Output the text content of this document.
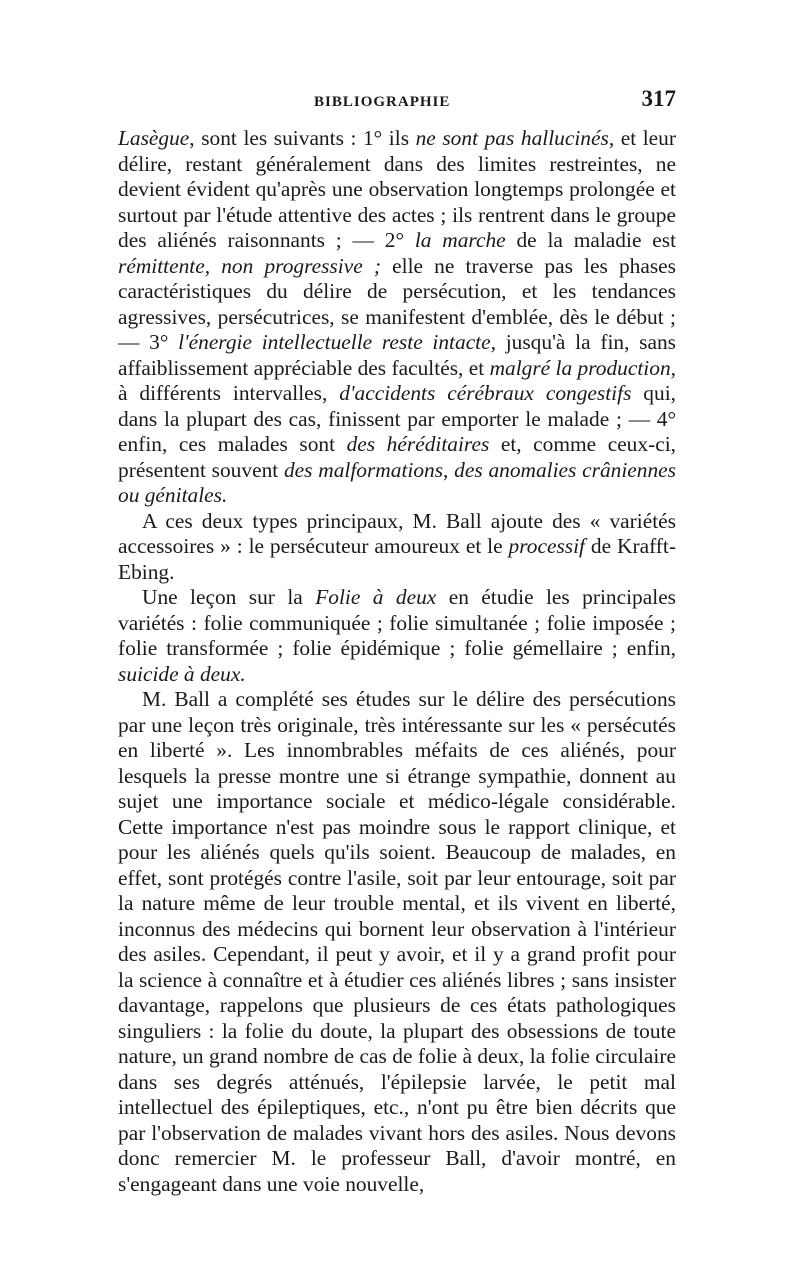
BIBLIOGRAPHIE	317

Lasègue, sont les suivants : 1° ils ne sont pas hallucinés, et leur délire, restant généralement dans des limites restreintes, ne devient évident qu'après une observation longtemps prolongée et surtout par l'étude attentive des actes ; ils rentrent dans le groupe des aliénés raisonnants ; — 2° la marche de la maladie est rémittente, non progressive ; elle ne traverse pas les phases caractéristiques du délire de persécution, et les tendances agressives, persécutrices, se manifestent d'emblée, dès le début ; — 3° l'énergie intellectuelle reste intacte, jusqu'à la fin, sans affaiblissement appréciable des facultés, et malgré la production, à différents intervalles, d'accidents cérébraux congestifs qui, dans la plupart des cas, finissent par emporter le malade ; — 4° enfin, ces malades sont des héréditaires et, comme ceux-ci, présentent souvent des malformations, des anomalies crâniennes ou génitales.

A ces deux types principaux, M. Ball ajoute des « variétés accessoires » : le persécuteur amoureux et le processif de Krafft-Ebing.

Une leçon sur la Folie à deux en étudie les principales variétés : folie communiquée ; folie simultanée ; folie imposée ; folie transformée ; folie épidémique ; folie gémellaire ; enfin, suicide à deux.

M. Ball a complété ses études sur le délire des persécutions par une leçon très originale, très intéressante sur les « persécutés en liberté ». Les innombrables méfaits de ces aliénés, pour lesquels la presse montre une si étrange sympathie, donnent au sujet une importance sociale et médico-légale considérable. Cette importance n'est pas moindre sous le rapport clinique, et pour les aliénés quels qu'ils soient. Beaucoup de malades, en effet, sont protégés contre l'asile, soit par leur entourage, soit par la nature même de leur trouble mental, et ils vivent en liberté, inconnus des médecins qui bornent leur observation à l'intérieur des asiles. Cependant, il peut y avoir, et il y a grand profit pour la science à connaître et à étudier ces aliénés libres ; sans insister davantage, rappelons que plusieurs de ces états pathologiques singuliers : la folie du doute, la plupart des obsessions de toute nature, un grand nombre de cas de folie à deux, la folie circulaire dans ses degrés atténués, l'épilepsie larvée, le petit mal intellectuel des épileptiques, etc., n'ont pu être bien décrits que par l'observation de malades vivant hors des asiles. Nous devons donc remercier M. le professeur Ball, d'avoir montré, en s'engageant dans une voie nouvelle,
